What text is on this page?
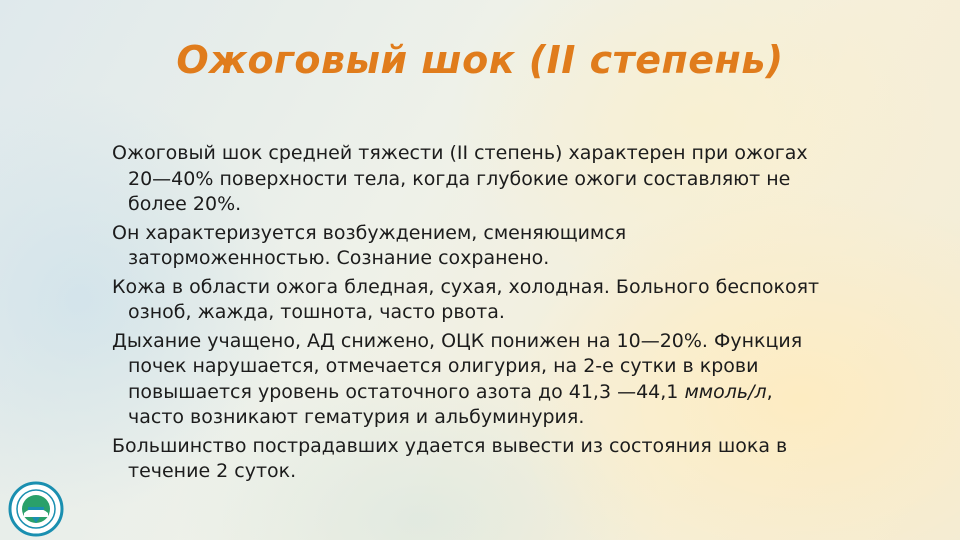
Ожоговый шок (II степень)

Ожоговый шок средней тяжести (II степень) характерен при ожогах 20—40% поверхности тела, когда глубокие ожоги составляют не более 20%.

Он характеризуется возбуждением, сменяющимся заторможенностью. Сознание сохранено.

Кожа в области ожога бледная, сухая, холодная. Больного беспокоят озноб, жажда, тошнота, часто рвота.

Дыхание учащено, АД снижено, ОЦК понижен на 10—20%. Функция почек нарушается, отмечается олигурия, на 2-е сутки в крови повышается уровень остаточного азота до 41,3 —44,1 ммоль/л, часто возникают гематурия и альбуминурия.

Большинство пострадавших удается вывести из состояния шока в течение 2 суток.
